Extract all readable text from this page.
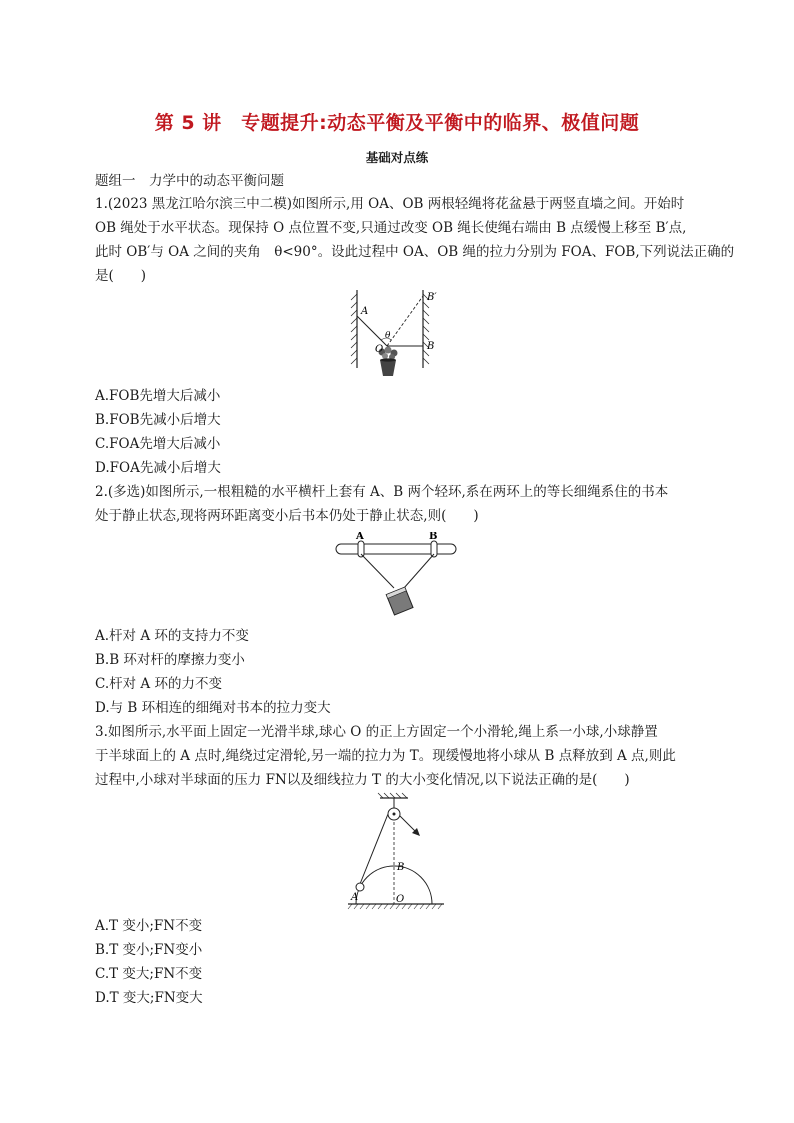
第 5 讲　专题提升:动态平衡及平衡中的临界、极值问题
基础对点练
题组一　力学中的动态平衡问题
1.(2023 黑龙江哈尔滨三中二模)如图所示,用 OA、OB 两根轻绳将花盆悬于两竖直墙之间。开始时
OB 绳处于水平状态。现保持 O 点位置不变,只通过改变 OB 绳长使绳右端由 B 点缓慢上移至 B′点,
此时 OB′与 OA 之间的夹角　θ<90°。设此过程中 OA、OB 绳的拉力分别为 FOA、FOB,下列说法正确的
是(　　)
A
B′
B
O
θ
A.FOB先增大后减小
B.FOB先减小后增大
C.FOA先增大后减小
D.FOA先减小后增大
2.(多选)如图所示,一根粗糙的水平横杆上套有 A、B 两个轻环,系在两环上的等长细绳系住的书本
处于静止状态,现将两环距离变小后书本仍处于静止状态,则(　　)
A	B
A.杆对 A 环的支持力不变
B.B 环对杆的摩擦力变小
C.杆对 A 环的力不变
D.与 B 环相连的细绳对书本的拉力变大
3.如图所示,水平面上固定一光滑半球,球心 O 的正上方固定一个小滑轮,绳上系一小球,小球静置
于半球面上的 A 点时,绳绕过定滑轮,另一端的拉力为 T。现缓慢地将小球从 B 点释放到 A 点,则此
过程中,小球对半球面的压力 FN以及细线拉力 T 的大小变化情况,以下说法正确的是(　　)
B
A	O
A.T 变小;FN不变
B.T 变小;FN变小
C.T 变大;FN不变
D.T 变大;FN变大
